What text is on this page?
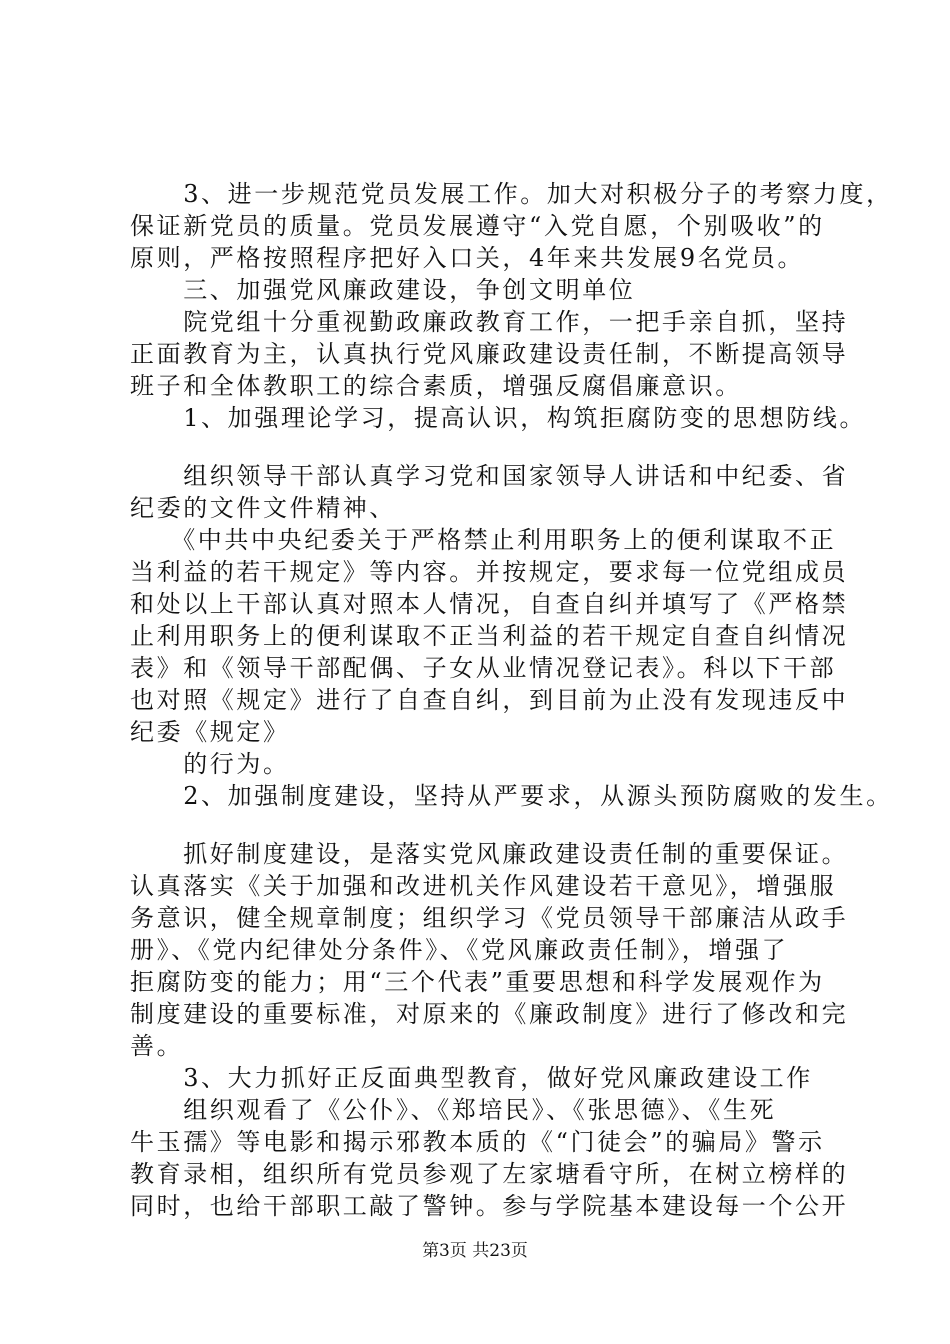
　　3、进一步规范党员发展工作。加大对积极分子的考察力度，
保证新党员的质量。党员发展遵守“入党自愿，个别吸收”的
原则，严格按照程序把好入口关，4年来共发展9名党员。
　　三、加强党风廉政建设，争创文明单位
　　院党组十分重视勤政廉政教育工作，一把手亲自抓，坚持
正面教育为主，认真执行党风廉政建设责任制，不断提高领导
班子和全体教职工的综合素质，增强反腐倡廉意识。
　　1、加强理论学习，提高认识，构筑拒腐防变的思想防线。
　　组织领导干部认真学习党和国家领导人讲话和中纪委、省
纪委的文件文件精神、
　　《中共中央纪委关于严格禁止利用职务上的便利谋取不正
当利益的若干规定》等内容。并按规定，要求每一位党组成员
和处以上干部认真对照本人情况，自查自纠并填写了《严格禁
止利用职务上的便利谋取不正当利益的若干规定自查自纠情况
表》和《领导干部配偶、子女从业情况登记表》。科以下干部
也对照《规定》进行了自查自纠，到目前为止没有发现违反中
纪委《规定》
　　的行为。
　　2、加强制度建设，坚持从严要求，从源头预防腐败的发生。
　　抓好制度建设，是落实党风廉政建设责任制的重要保证。
认真落实《关于加强和改进机关作风建设若干意见》，增强服
务意识，健全规章制度；组织学习《党员领导干部廉洁从政手
册》、《党内纪律处分条件》、《党风廉政责任制》，增强了
拒腐防变的能力；用“三个代表”重要思想和科学发展观作为
制度建设的重要标准，对原来的《廉政制度》进行了修改和完
善。
　　3、大力抓好正反面典型教育，做好党风廉政建设工作
　　组织观看了《公仆》、《郑培民》、《张思德》、《生死
牛玉孺》等电影和揭示邪教本质的《“门徒会”的骗局》警示
教育录相，组织所有党员参观了左家塘看守所，在树立榜样的
同时，也给干部职工敲了警钟。参与学院基本建设每一个公开
第3页 共23页
